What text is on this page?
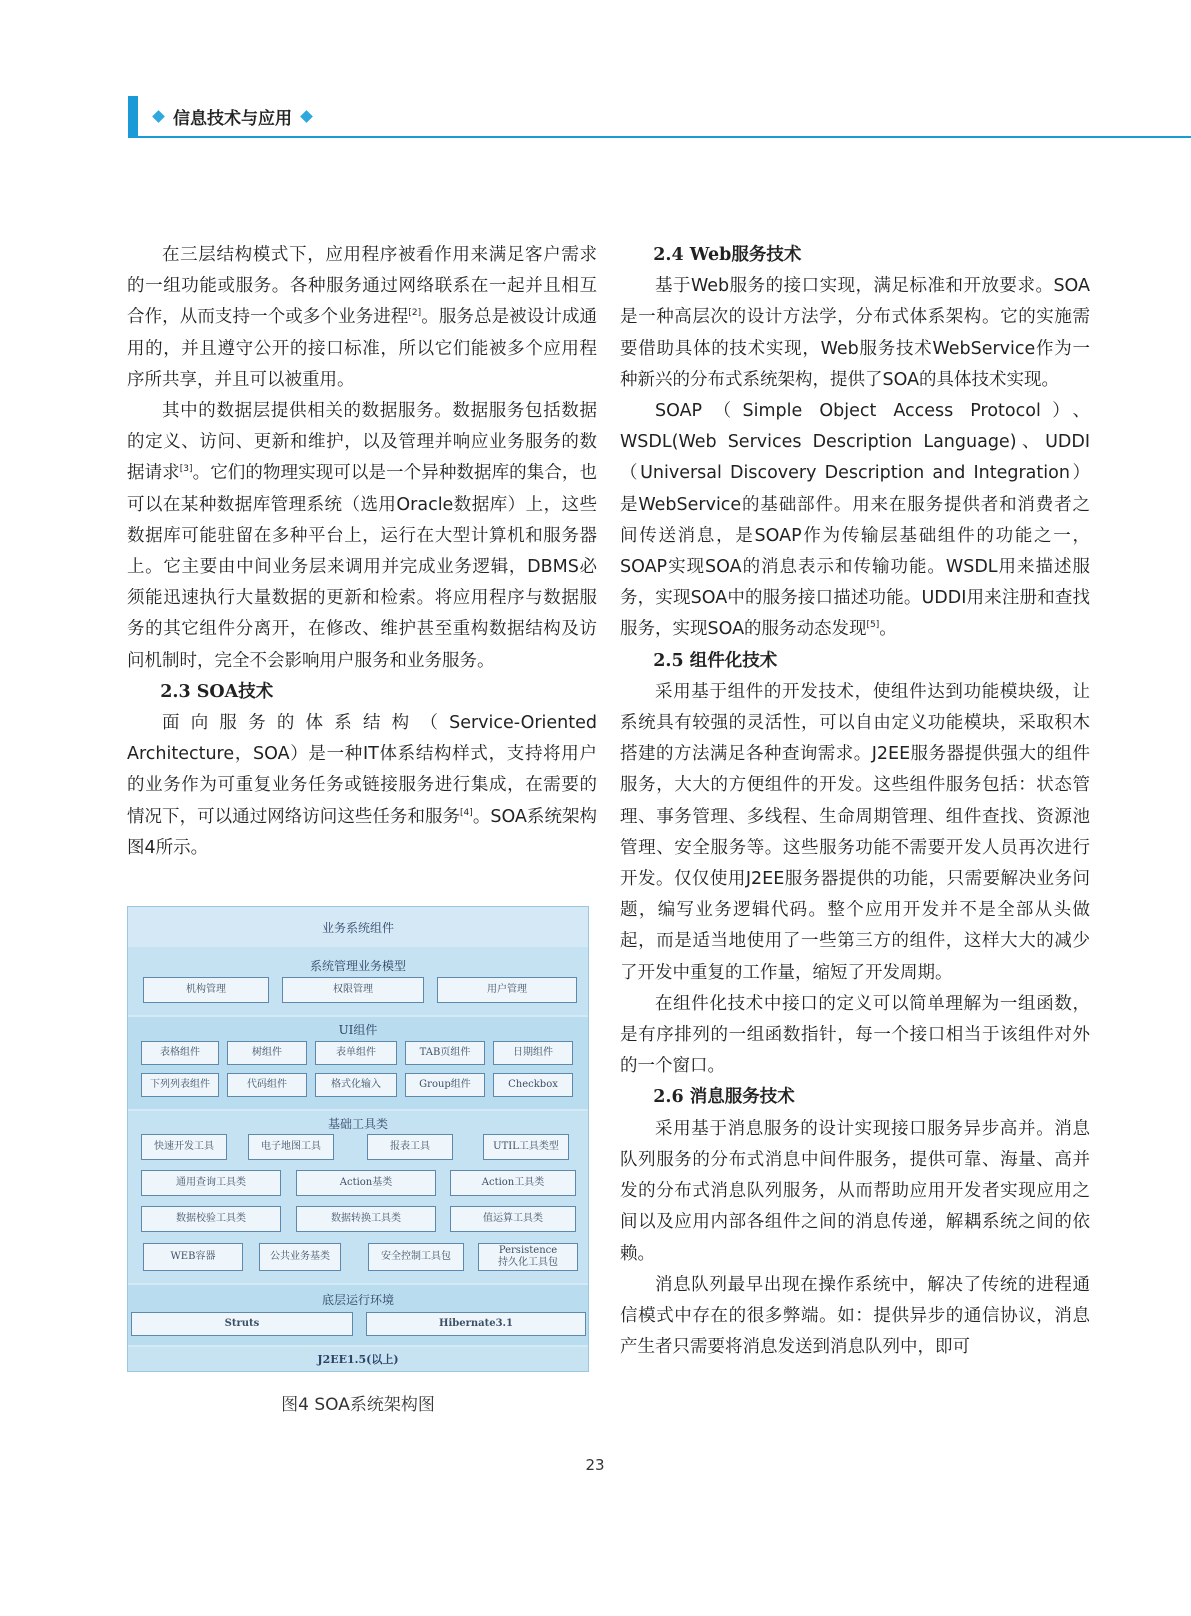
信息技术与应用

在三层结构模式下，应用程序被看作用来满足客户需求的一组功能或服务。各种服务通过网络联系在一起并且相互合作，从而支持一个或多个业务进程[2]。服务总是被设计成通用的，并且遵守公开的接口标准，所以它们能被多个应用程序所共享，并且可以被重用。

其中的数据层提供相关的数据服务。数据服务包括数据的定义、访问、更新和维护，以及管理并响应业务服务的数据请求[3]。它们的物理实现可以是一个异种数据库的集合，也可以在某种数据库管理系统（选用Oracle数据库）上，这些数据库可能驻留在多种平台上，运行在大型计算机和服务器上。它主要由中间业务层来调用并完成业务逻辑，DBMS必须能迅速执行大量数据的更新和检索。将应用程序与数据服务的其它组件分离开，在修改、维护甚至重构数据结构及访问机制时，完全不会影响用户服务和业务服务。

2.3 SOA技术

面向服务的体系结构（Service-Oriented Architecture，SOA）是一种IT体系结构样式，支持将用户的业务作为可重复业务任务或链接服务进行集成，在需要的情况下，可以通过网络访问这些任务和服务[4]。SOA系统架构图4所示。

业务系统组件
系统管理业务模型
机构管理	权限管理	用户管理
UI组件
表格组件	树组件	表单组件	TAB页组件	日期组件
下列列表组件	代码组件	格式化输入	Group组件	Checkbox
基础工具类
快速开发工具	电子地图工具	报表工具	UTIL工具类型
通用查询工具类	Action基类	Action工具类
数据校验工具类	数据转换工具类	值运算工具类
WEB容器	公共业务基类	安全控制工具包
Persistence
持久化工具包
底层运行环境
Struts	Hibernate3.1
J2EE1.5(以上)
图4 SOA系统架构图
2.4 Web服务技术

基于Web服务的接口实现，满足标准和开放要求。SOA是一种高层次的设计方法学，分布式体系架构。它的实施需要借助具体的技术实现，Web服务技术WebService作为一种新兴的分布式系统架构，提供了SOA的具体技术实现。

SOAP（Simple Object Access Protocol）、WSDL(Web Services Description Language)、UDDI（Universal Discovery Description and Integration）是WebService的基础部件。用来在服务提供者和消费者之间传送消息，是SOAP作为传输层基础组件的功能之一，SOAP实现SOA的消息表示和传输功能。WSDL用来描述服务，实现SOA中的服务接口描述功能。UDDI用来注册和查找服务，实现SOA的服务动态发现[5]。

2.5 组件化技术

采用基于组件的开发技术，使组件达到功能模块级，让系统具有较强的灵活性，可以自由定义功能模块，采取积木搭建的方法满足各种查询需求。J2EE服务器提供强大的组件服务，大大的方便组件的开发。这些组件服务包括：状态管理、事务管理、多线程、生命周期管理、组件查找、资源池管理、安全服务等。这些服务功能不需要开发人员再次进行开发。仅仅使用J2EE服务器提供的功能，只需要解决业务问题，编写业务逻辑代码。整个应用开发并不是全部从头做起，而是适当地使用了一些第三方的组件，这样大大的减少了开发中重复的工作量，缩短了开发周期。

在组件化技术中接口的定义可以简单理解为一组函数，是有序排列的一组函数指针，每一个接口相当于该组件对外的一个窗口。

2.6 消息服务技术

采用基于消息服务的设计实现接口服务异步高并。消息队列服务的分布式消息中间件服务，提供可靠、海量、高并发的分布式消息队列服务，从而帮助应用开发者实现应用之间以及应用内部各组件之间的消息传递，解耦系统之间的依赖。

消息队列最早出现在操作系统中，解决了传统的进程通信模式中存在的很多弊端。如：提供异步的通信协议，消息产生者只需要将消息发送到消息队列中，即可

23
